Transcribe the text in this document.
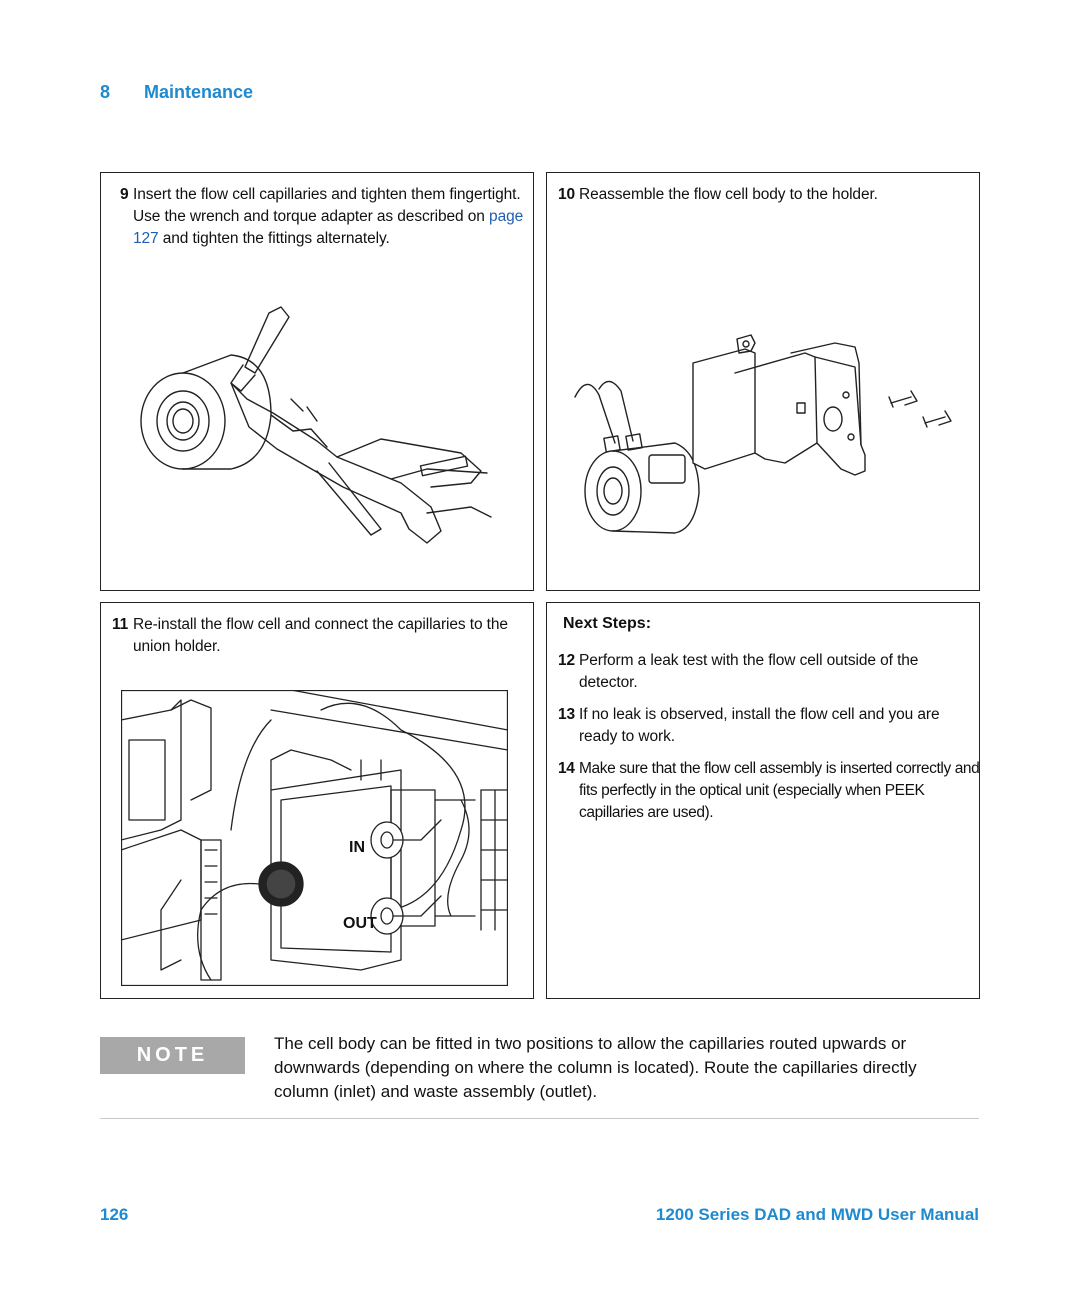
8 Maintenance
9 Insert the flow cell capillaries and tighten them fingertight. Use the wrench and torque adapter as described on page 127 and tighten the fittings alternately.
10 Reassemble the flow cell body to the holder.
11 Re-install the flow cell and connect the capillaries to the union holder.
IN
OUT
Next Steps:
12 Perform a leak test with the flow cell outside of the detector.
13 If no leak is observed, install the flow cell and you are ready to work.
14 Make sure that the flow cell assembly is inserted correctly and fits perfectly in the optical unit (especially when PEEK capillaries are used).
NOTE
The cell body can be fitted in two positions to allow the capillaries routed upwards or downwards (depending on where the column is located). Route the capillaries directly column (inlet) and waste assembly (outlet).
126	1200 Series DAD and MWD User Manual
